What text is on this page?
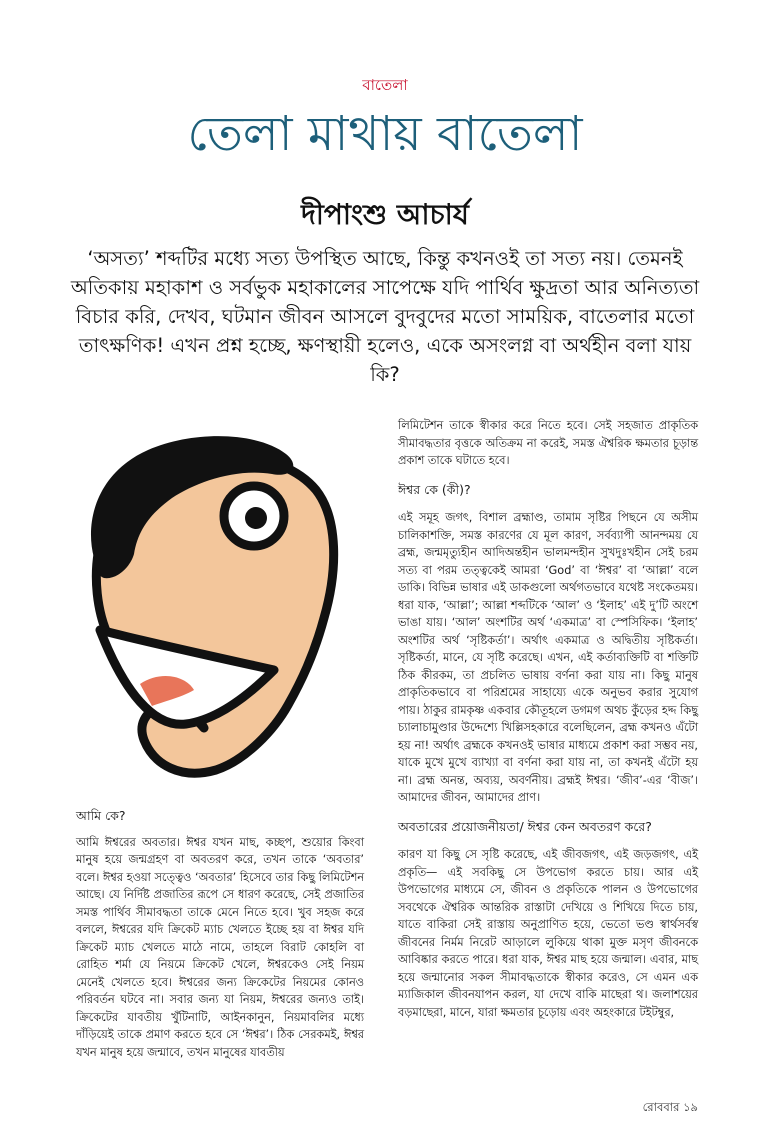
বাতেলা
তেলা মাথায় বাতেলা
দীপাংশু আচার্য
‘অসত্য’ শব্দটির মধ্যে সত্য উপস্থিত আছে, কিন্তু কখনওই তা সত্য নয়। তেমনই অতিকায় মহাকাশ ও সর্বভুক মহাকালের সাপেক্ষে যদি পার্থিব ক্ষুদ্রতা আর অনিত্যতা বিচার করি, দেখব, ঘটমান জীবন আসলে বুদবুদের মতো সাময়িক, বাতেলার মতো তাৎক্ষণিক! এখন প্রশ্ন হচ্ছে, ক্ষণস্থায়ী হলেও, একে অসংলগ্ন বা অর্থহীন বলা যায় কি?

আমি কে?

আমি ঈশ্বরের অবতার। ঈশ্বর যখন মাছ, কচ্ছপ, শুয়োর কিংবা মানুষ হয়ে জন্মগ্রহণ বা অবতরণ করে, তখন তাকে ‘অবতার’ বলে। ঈশ্বর হওয়া সত্ত্বেও ‘অবতার’ হিসেবে তার কিছু লিমিটেশন আছে। যে নির্দিষ্ট প্রজাতির রূপে সে ধারণ করেছে, সেই প্রজাতির সমস্ত পার্থিব সীমাবদ্ধতা তাকে মেনে নিতে হবে। খুব সহজ করে বললে, ঈশ্বরের যদি ক্রিকেট ম্যাচ খেলতে ইচ্ছে হয় বা ঈশ্বর যদি ক্রিকেট ম্যাচ খেলতে মাঠে নামে, তাহলে বিরাট কোহলি বা রোহিত শর্মা যে নিয়মে ক্রিকেট খেলে, ঈশ্বরকেও সেই নিয়ম মেনেই খেলতে হবে। ঈশ্বরের জন্য ক্রিকেটের নিয়মের কোনও পরিবর্তন ঘটবে না। সবার জন্য যা নিয়ম, ঈশ্বরের জন্যও তাই। ক্রিকেটের যাবতীয় খুঁটিনাটি, আইনকানুন, নিয়মাবলির মধ্যে দাঁড়িয়েই তাকে প্রমাণ করতে হবে সে ‘ঈশ্বর’। ঠিক সেরকমই, ঈশ্বর যখন মানুষ হয়ে জন্মাবে, তখন মানুষের যাবতীয়

লিমিটেশন তাকে স্বীকার করে নিতে হবে। সেই সহজাত প্রাকৃতিক সীমাবদ্ধতার বৃত্তকে অতিক্রম না করেই, সমস্ত ঐশ্বরিক ক্ষমতার চূড়ান্ত প্রকাশ তাকে ঘটাতে হবে।

ঈশ্বর কে (কী)?

এই সমূহ জগৎ, বিশাল ব্রহ্মাণ্ড, তামাম সৃষ্টির পিছনে যে অসীম চালিকাশক্তি, সমস্ত কারণের যে মূল কারণ, সর্বব্যাপী আনন্দময় যে ব্রহ্ম, জন্মমৃত্যুহীন আদিঅন্তহীন ভালমন্দহীন সুখদুঃখহীন সেই চরম সত্য বা পরম তত্ত্বকেই আমরা ‘God’ বা ‘ঈশ্বর’ বা ‘আল্লা’ বলে ডাকি। বিভিন্ন ভাষার এই ডাকগুলো অর্থগতভাবে যথেষ্ট সংকেতময়। ধরা যাক, ‘আল্লা’; আল্লা শব্দটিকে ‘আল’ ও ‘ইলাহ’ এই দু’টি অংশে ভাঙা যায়। ‘আল’ অংশটির অর্থ ‘একমাত্র’ বা স্পেসিফিক। ‘ইলাহ’ অংশটির অর্থ ‘সৃষ্টিকর্তা’। অর্থাৎ একমাত্র ও অদ্বিতীয় সৃষ্টিকর্তা। সৃষ্টিকর্তা, মানে, যে সৃষ্টি করেছে। এখন, এই কর্তাব্যক্তিটি বা শক্তিটি ঠিক কীরকম, তা প্রচলিত ভাষায় বর্ণনা করা যায় না। কিছু মানুষ প্রাকৃতিকভাবে বা পরিশ্রমের সাহায্যে একে অনুভব করার সুযোগ পায়। ঠাকুর রামকৃষ্ণ একবার কৌতূহলে ডগমগ অথচ কুঁড়ের হদ্দ কিছু চ্যালাচামুণ্ডার উদ্দেশ্যে খিল্লিসহকারে বলেছিলেন, ব্রহ্ম কখনও এঁটো হয় না! অর্থাৎ ব্রহ্মকে কখনওই ভাষার মাধ্যমে প্রকাশ করা সম্ভব নয়, যাকে মুখে মুখে ব্যাখ্যা বা বর্ণনা করা যায় না, তা কখনই এঁটো হয় না। ব্রহ্ম অনন্ত, অব্যয়, অবর্ণনীয়। ব্রহ্মই ঈশ্বর। ‘জীব’-এর ‘বীজ’। আমাদের জীবন, আমাদের প্রাণ।

অবতারের প্রয়োজনীয়তা/ ঈশ্বর কেন অবতরণ করে?

কারণ যা কিছু সে সৃষ্টি করেছে, এই জীবজগৎ, এই জড়জগৎ, এই প্রকৃতি— এই সবকিছু সে উপভোগ করতে চায়। আর এই উপভোগের মাধ্যমে সে, জীবন ও প্রকৃতিকে পালন ও উপভোগের সবথেকে ঐশ্বরিক আন্তরিক রাস্তাটা দেখিয়ে ও শিখিয়ে দিতে চায়, যাতে বাকিরা সেই রাস্তায় অনুপ্রাণিত হয়ে, ভেতো ভণ্ড স্বার্থসর্বস্ব জীবনের নির্মম নিরেট আড়ালে লুকিয়ে থাকা মুক্ত মসৃণ জীবনকে আবিষ্কার করতে পারে। ধরা যাক, ঈশ্বর মাছ হয়ে জন্মাল। এবার, মাছ হয়ে জন্মানোর সকল সীমাবদ্ধতাকে স্বীকার করেও, সে এমন এক ম্যাজিকাল জীবনযাপন করল, যা দেখে বাকি মাছেরা থ। জলাশয়ের বড়মাছেরা, মানে, যারা ক্ষমতার চূড়োয় এবং অহংকারে টইটম্বুর,

রোববার ১৯
